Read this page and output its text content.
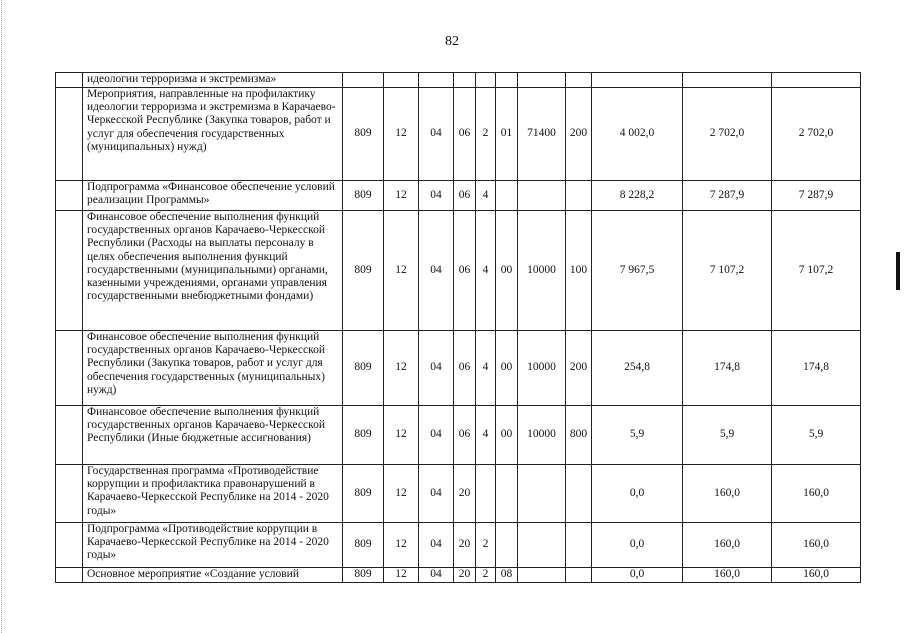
82
	идеологии терроризма и экстремизма»											
	Мероприятия, направленные на профилактику идеологии терроризма и экстремизма в Карачаево-Черкесской Республике (Закупка товаров, работ и услуг для обеспечения государственных (муниципальных) нужд)	809	12	04	06	2	01	71400	200	4 002,0	2 702,0	2 702,0
	Подпрограмма «Финансовое обеспечение условий реализации Программы»	809	12	04	06	4				8 228,2	7 287,9	7 287,9
	Финансовое обеспечение выполнения функций государственных органов Карачаево-Черкесской Республики (Расходы на выплаты персоналу в целях обеспечения выполнения функций государственными (муниципальными) органами, казенными учреждениями, органами управления государственными внебюджетными фондами)	809	12	04	06	4	00	10000	100	7 967,5	7 107,2	7 107,2
	Финансовое обеспечение выполнения функций государственных органов Карачаево-Черкесской Республики (Закупка товаров, работ и услуг для обеспечения государственных (муниципальных) нужд)	809	12	04	06	4	00	10000	200	254,8	174,8	174,8
	Финансовое обеспечение выполнения функций государственных органов Карачаево-Черкесской Республики (Иные бюджетные ассигнования)	809	12	04	06	4	00	10000	800	5,9	5,9	5,9
	Государственная программа «Противодействие коррупции и профилактика правонарушений в Карачаево-Черкесской Республике на 2014 - 2020 годы»	809	12	04	20					0,0	160,0	160,0
	Подпрограмма «Противодействие коррупции в Карачаево-Черкесской Республике на 2014 - 2020 годы»	809	12	04	20	2				0,0	160,0	160,0
	Основное мероприятие «Создание условий	809	12	04	20	2	08			0,0	160,0	160,0
